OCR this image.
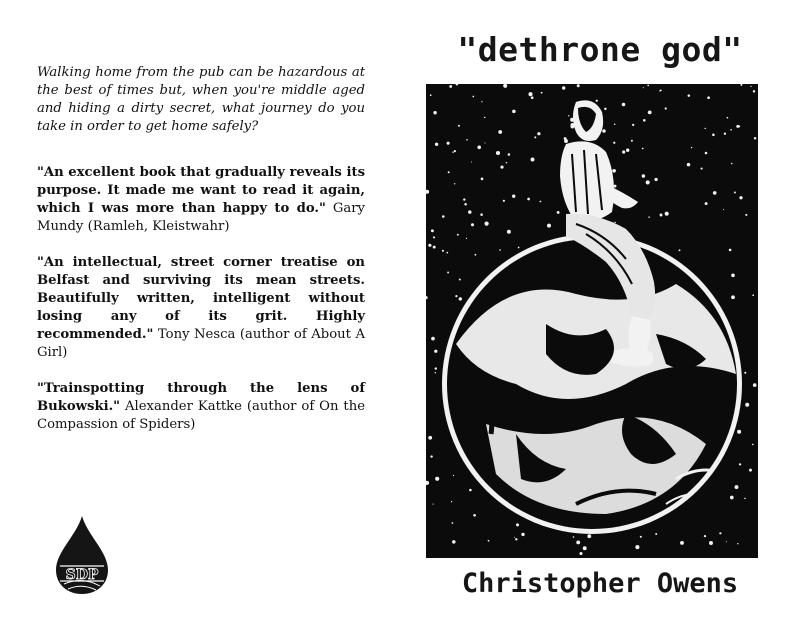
Walking home from the pub can be hazardous at the best of times but, when you're middle aged and hiding a dirty secret, what journey do you take in order to get home safely?

"An excellent book that gradually reveals its purpose. It made me want to read it again, which I was more than happy to do." Gary Mundy (Ramleh, Kleistwahr)

"An intellectual, street corner treatise on Belfast and surviving its mean streets. Beautifully written, intelligent without losing any of its grit. Highly recommended." Tony Nesca (author of About A Girl)

"Trainspotting through the lens of Bukowski." Alexander Kattke (author of On the Compassion of Spiders)

SDP
"dethrone god"
Christopher Owens
